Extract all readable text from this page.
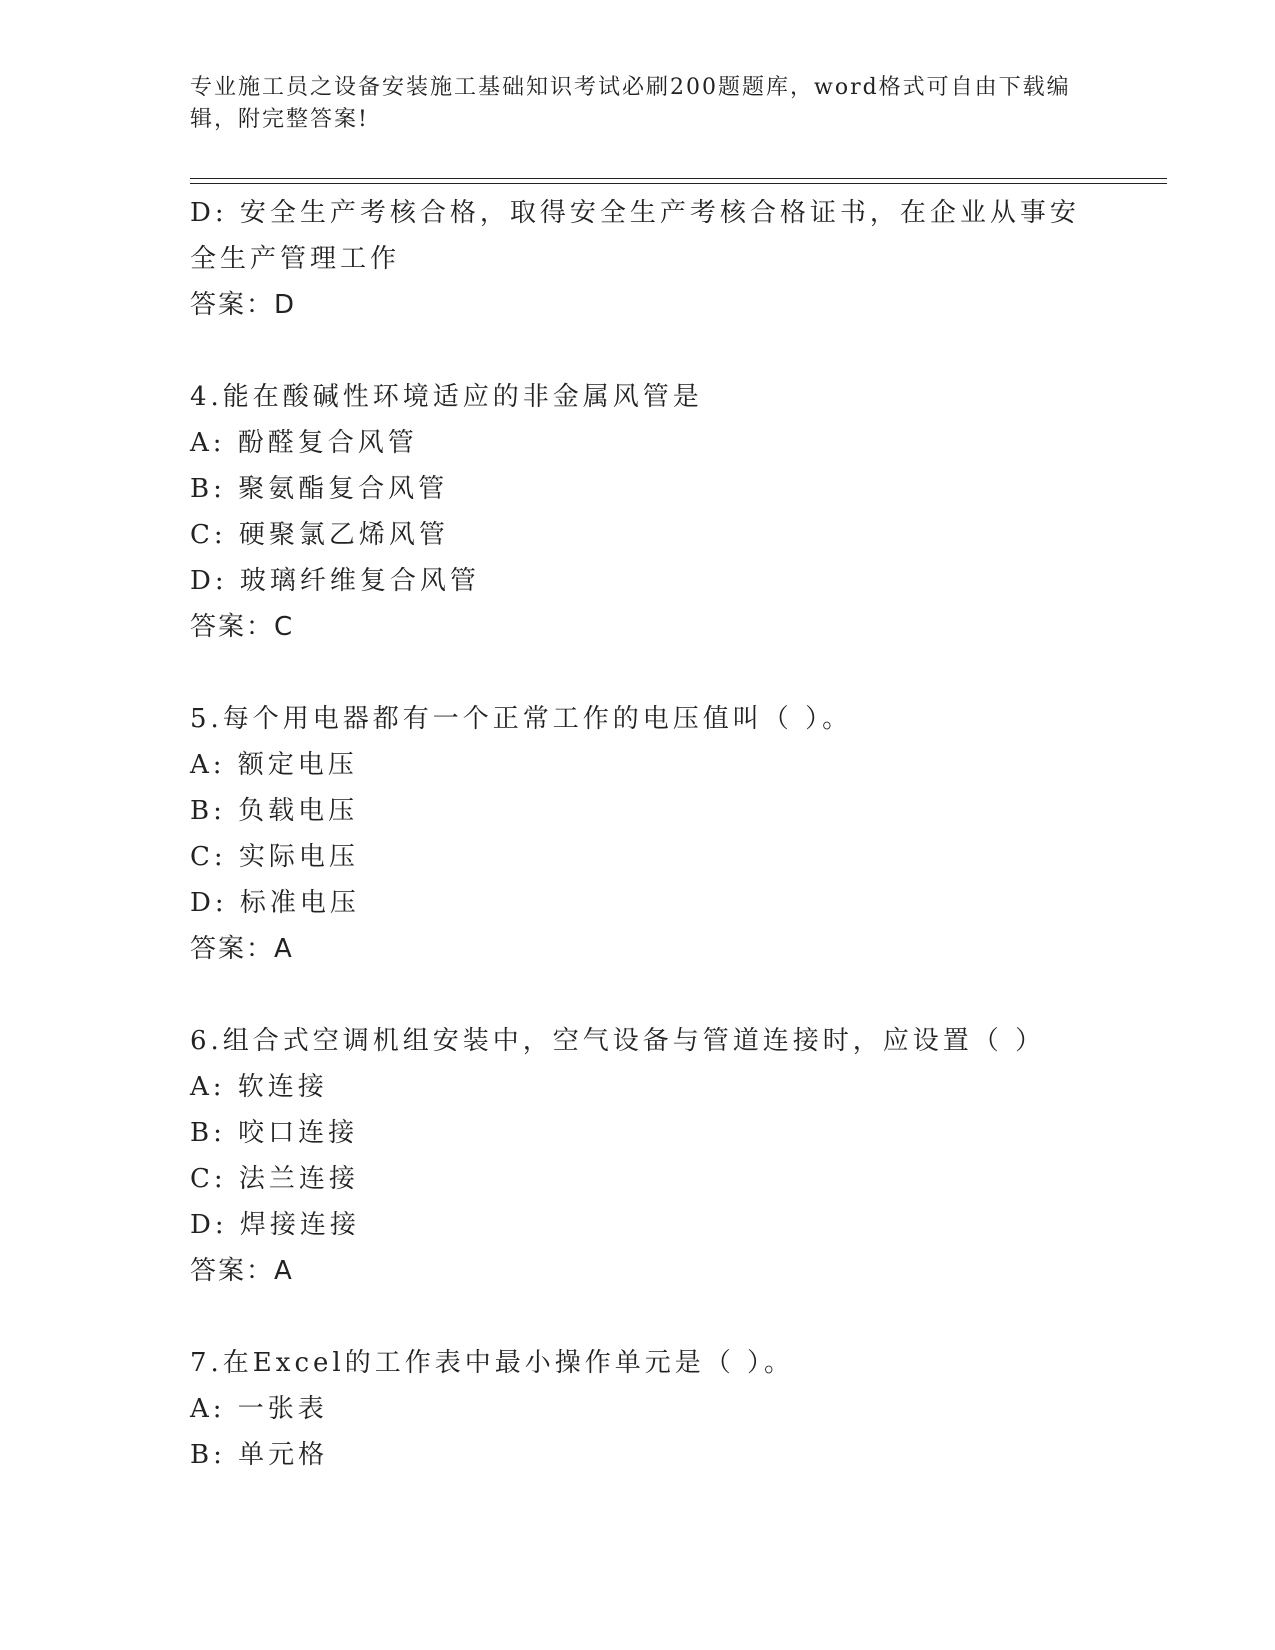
专业施工员之设备安装施工基础知识考试必刷200题题库，word格式可自由下载编辑，附完整答案!
D: 安全生产考核合格，取得安全生产考核合格证书，在企业从事安全生产管理工作
答案：D
4.能在酸碱性环境适应的非金属风管是
A: 酚醛复合风管
B: 聚氨酯复合风管
C: 硬聚氯乙烯风管
D: 玻璃纤维复合风管
答案：C
5.每个用电器都有一个正常工作的电压值叫（ ）。
A: 额定电压
B: 负载电压
C: 实际电压
D: 标准电压
答案：A
6.组合式空调机组安装中，空气设备与管道连接时，应设置（ ）
A: 软连接
B: 咬口连接
C: 法兰连接
D: 焊接连接
答案：A
7.在Excel的工作表中最小操作单元是（ ）。
A: 一张表
B: 单元格
